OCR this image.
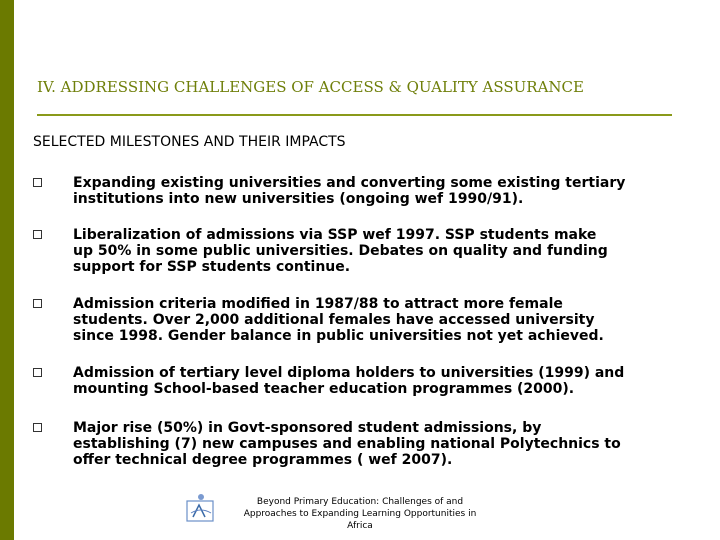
IV. ADDRESSING CHALLENGES OF ACCESS & QUALITY ASSURANCE
SELECTED MILESTONES AND THEIR IMPACTS
Expanding existing universities and converting some existing tertiary
institutions into new universities (ongoing wef 1990/91).
Liberalization of admissions via SSP wef 1997. SSP students make
up 50% in some public universities. Debates on quality and funding
support for SSP students continue.
Admission criteria modified in 1987/88 to attract more female
students. Over 2,000 additional females have accessed university
since 1998. Gender balance in public universities not yet achieved.
Admission of tertiary level diploma holders to universities (1999) and
mounting School-based teacher education programmes (2000).
Major rise (50%) in Govt-sponsored student admissions, by
establishing (7) new campuses and enabling national Polytechnics to
offer technical degree programmes ( wef 2007).
Beyond Primary Education: Challenges of and Approaches to Expanding Learning Opportunities in Africa
